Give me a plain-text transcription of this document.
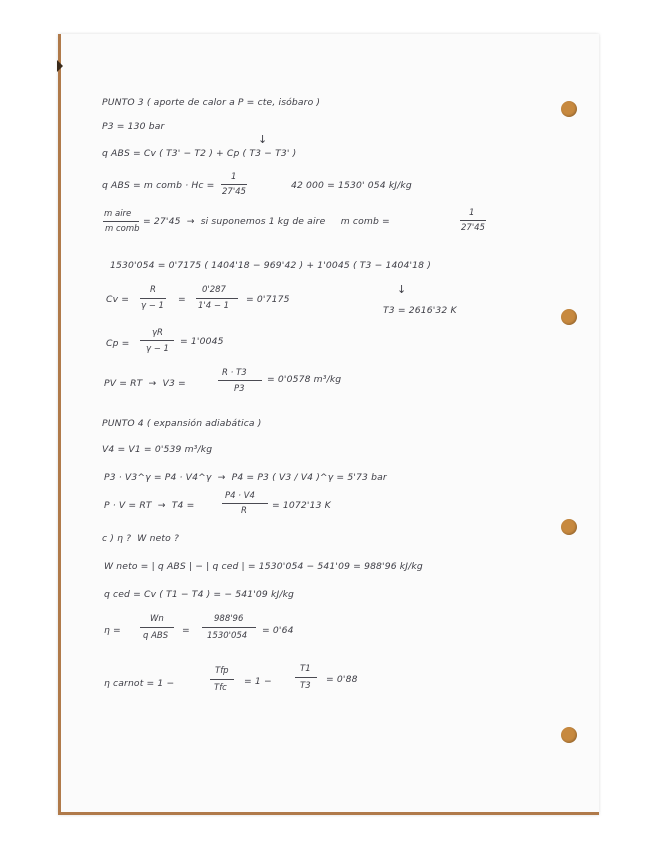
PUNTO 3 ( aporte de calor a P = cte, isóbaro )
P3 = 130 bar
↓
q ABS = Cv ( T3' − T2 ) + Cp ( T3 − T3' )
q ABS = m comb · Hc =
1
27'45
42 000 = 1530' 054 kJ/kg
m aire
m comb
= 27'45  →  si suponemos 1 kg de aire     m comb =
1
27'45
1530'054 = 0'7175 ( 1404'18 − 969'42 ) + 1'0045 ( T3 − 1404'18 )
Cv =
R
γ − 1
=
0'287
1'4 − 1
= 0'7175
↓
T3 = 2616'32 K
Cp =
γR
γ − 1
= 1'0045
PV = RT  →  V3 =
R · T3
P3
= 0'0578 m³/kg
PUNTO 4 ( expansión adiabática )
V4 = V1 = 0'539 m³/kg
P3 · V3^γ = P4 · V4^γ  →  P4 = P3 ( V3 / V4 )^γ = 5'73 bar
P · V = RT  →  T4 =
P4 · V4
R	= 1072'13 K
c ) η ?  W neto ?
W neto = | q ABS | − | q ced | = 1530'054 − 541'09 = 988'96 kJ/kg
q ced = Cv ( T1 − T4 ) = − 541'09 kJ/kg
η =
Wn
q ABS =
988'96
1530'054 = 0'64
η carnot = 1 −
Tfp
Tfc
= 1 −
T1
T3
= 0'88
